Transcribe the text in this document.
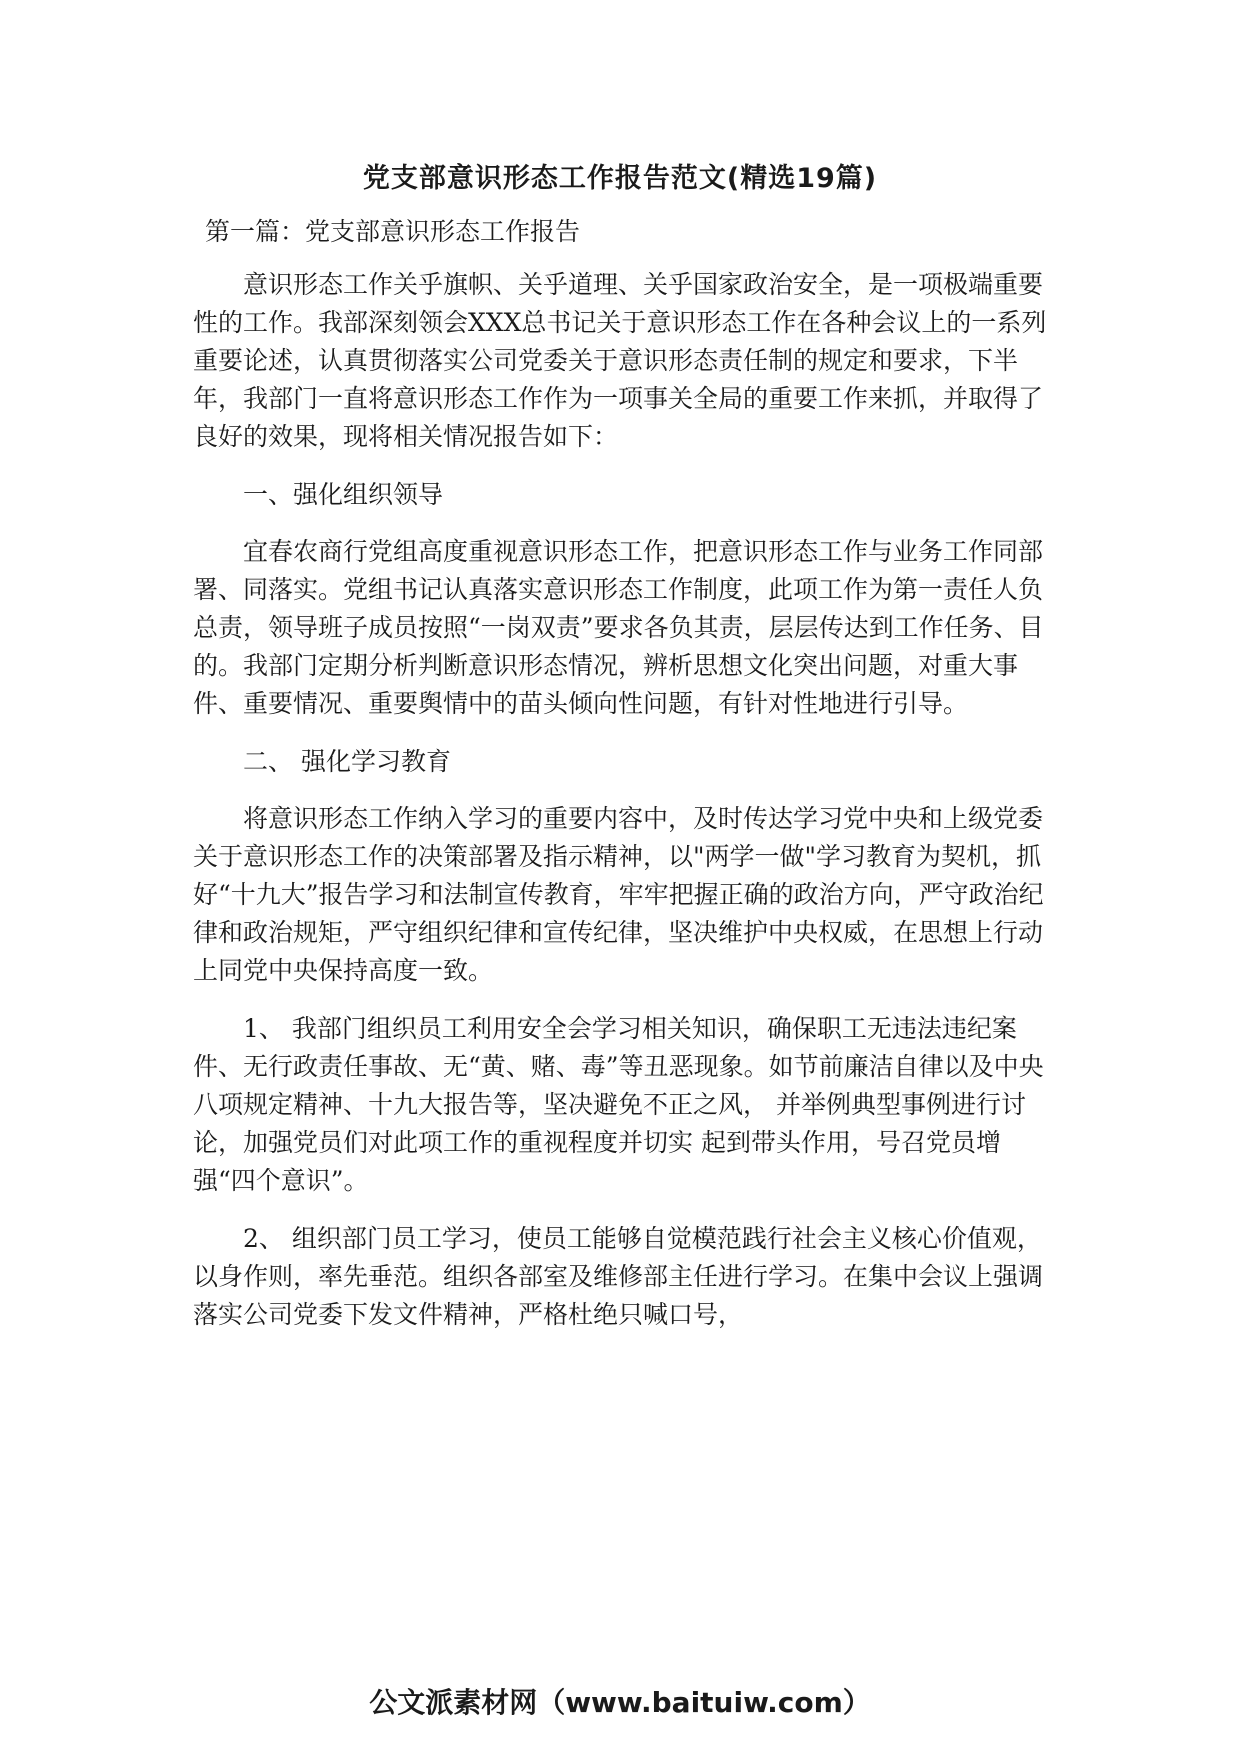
党支部意识形态工作报告范文(精选19篇)
第一篇：党支部意识形态工作报告

意识形态工作关乎旗帜、关乎道理、关乎国家政治安全，是一项极端重要性的工作。我部深刻领会XXX总书记关于意识形态工作在各种会议上的一系列重要论述，认真贯彻落实公司党委关于意识形态责任制的规定和要求，下半年，我部门一直将意识形态工作作为一项事关全局的重要工作来抓，并取得了良好的效果，现将相关情况报告如下：

一、强化组织领导

宜春农商行党组高度重视意识形态工作，把意识形态工作与业务工作同部署、同落实。党组书记认真落实意识形态工作制度，此项工作为第一责任人负总责，领导班子成员按照“一岗双责”要求各负其责，层层传达到工作任务、目的。我部门定期分析判断意识形态情况，辨析思想文化突出问题，对重大事件、重要情况、重要舆情中的苗头倾向性问题，有针对性地进行引导。

二、 强化学习教育

将意识形态工作纳入学习的重要内容中，及时传达学习党中央和上级党委关于意识形态工作的决策部署及指示精神，以"两学一做"学习教育为契机，抓好“十九大”报告学习和法制宣传教育，牢牢把握正确的政治方向，严守政治纪律和政治规矩，严守组织纪律和宣传纪律，坚决维护中央权威，在思想上行动上同党中央保持高度一致。

1、 我部门组织员工利用安全会学习相关知识，确保职工无违法违纪案件、无行政责任事故、无“黄、赌、毒”等丑恶现象。如节前廉洁自律以及中央八项规定精神、十九大报告等，坚决避免不正之风， 并举例典型事例进行讨论，加强党员们对此项工作的重视程度并切实 起到带头作用，号召党员增强“四个意识”。

2、 组织部门员工学习，使员工能够自觉模范践行社会主义核心价值观，以身作则，率先垂范。组织各部室及维修部主任进行学习。在集中会议上强调落实公司党委下发文件精神，严格杜绝只喊口号，

公文派素材网（www.baituiw.com）
